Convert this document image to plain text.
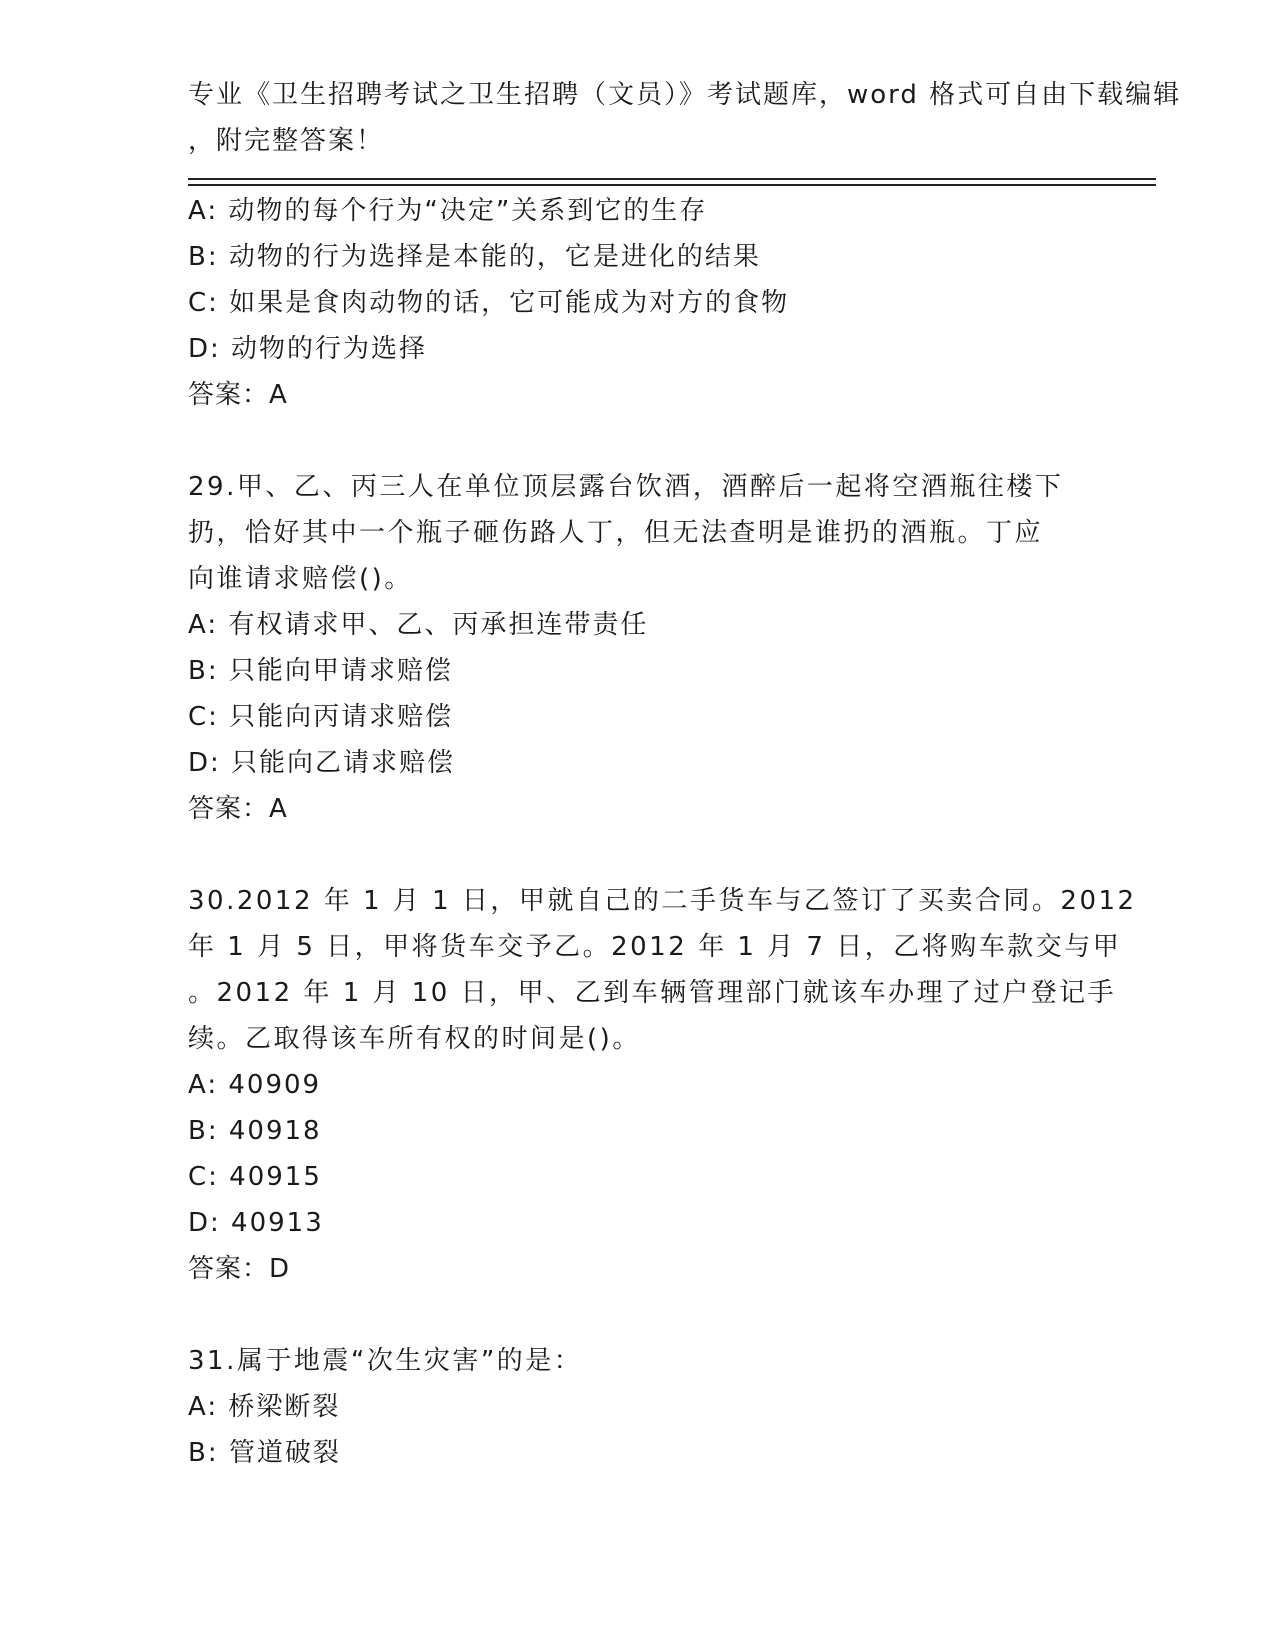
专业《卫生招聘考试之卫生招聘（文员）》考试题库，word 格式可自由下载编辑
，附完整答案！
A: 动物的每个行为“决定”关系到它的生存
B: 动物的行为选择是本能的，它是进化的结果
C: 如果是食肉动物的话，它可能成为对方的食物
D: 动物的行为选择
答案：A
29.甲、乙、丙三人在单位顶层露台饮酒，酒醉后一起将空酒瓶往楼下
扔，恰好其中一个瓶子砸伤路人丁，但无法查明是谁扔的酒瓶。丁应
向谁请求赔偿()。
A: 有权请求甲、乙、丙承担连带责任
B: 只能向甲请求赔偿
C: 只能向丙请求赔偿
D: 只能向乙请求赔偿
答案：A
30.2012 年 1 月 1 日，甲就自己的二手货车与乙签订了买卖合同。2012
年 1 月 5 日，甲将货车交予乙。2012 年 1 月 7 日，乙将购车款交与甲
。2012 年 1 月 10 日，甲、乙到车辆管理部门就该车办理了过户登记手
续。乙取得该车所有权的时间是()。
A: 40909
B: 40918
C: 40915
D: 40913
答案：D
31.属于地震“次生灾害”的是：
A: 桥梁断裂
B: 管道破裂
